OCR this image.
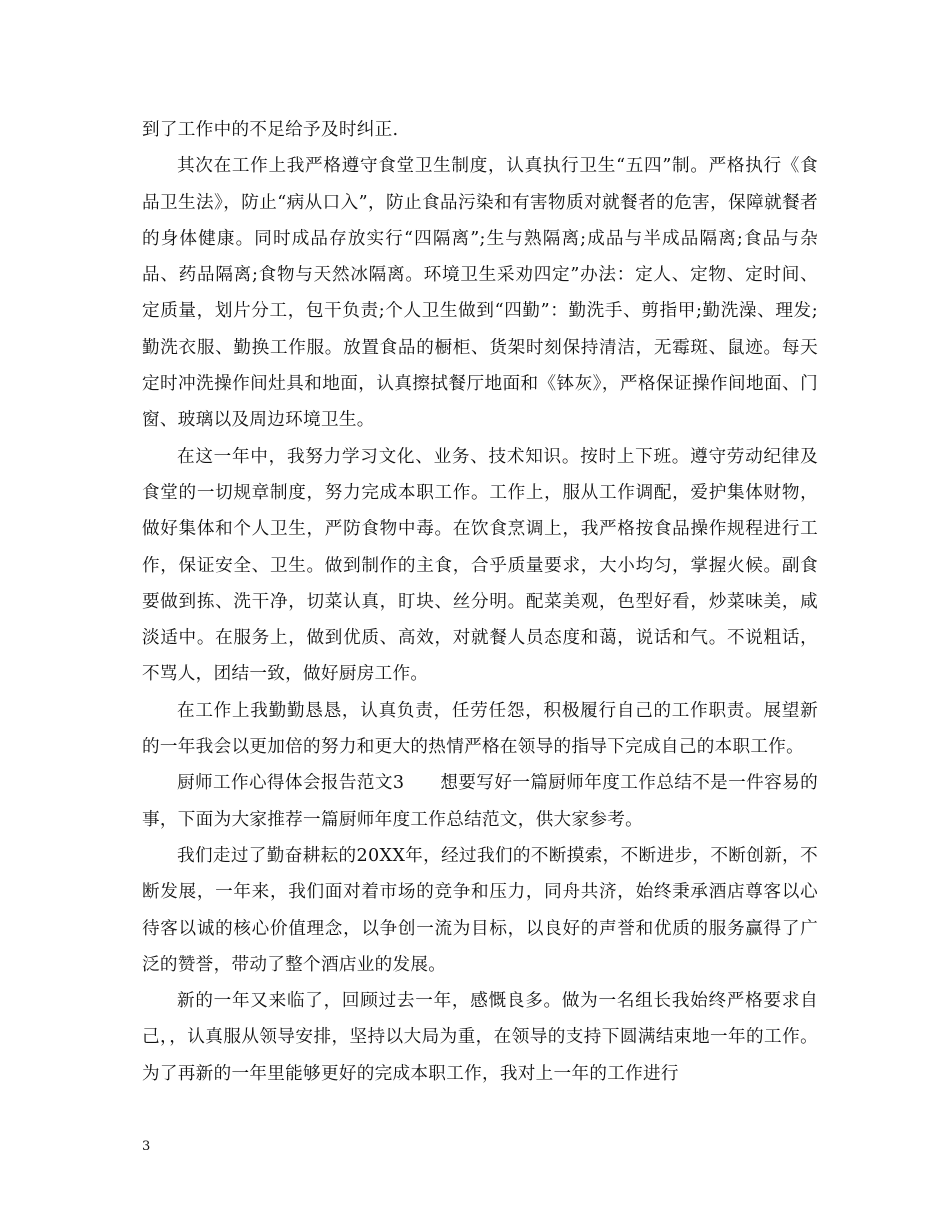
到了工作中的不足给予及时纠正.

其次在工作上我严格遵守食堂卫生制度，认真执行卫生“五四”制。严格执行《食品卫生法》，防止“病从口入”，防止食品污染和有害物质对就餐者的危害，保障就餐者的身体健康。同时成品存放实行“四隔离”;生与熟隔离;成品与半成品隔离;食品与杂品、药品隔离;食物与天然冰隔离。环境卫生采劝四定”办法：定人、定物、定时间、定质量，划片分工，包干负责;个人卫生做到“四勤”：勤洗手、剪指甲;勤洗澡、理发;勤洗衣服、勤换工作服。放置食品的橱柜、货架时刻保持清洁，无霉斑、鼠迹。每天定时冲洗操作间灶具和地面，认真擦拭餐厅地面和《钵灰》，严格保证操作间地面、门窗、玻璃以及周边环境卫生。

在这一年中，我努力学习文化、业务、技术知识。按时上下班。遵守劳动纪律及食堂的一切规章制度，努力完成本职工作。工作上，服从工作调配，爱护集体财物，做好集体和个人卫生，严防食物中毒。在饮食烹调上，我严格按食品操作规程进行工作，保证安全、卫生。做到制作的主食，合乎质量要求，大小均匀，掌握火候。副食要做到拣、洗干净，切菜认真，盯块、丝分明。配菜美观，色型好看，炒菜味美，咸淡适中。在服务上，做到优质、高效，对就餐人员态度和蔼，说话和气。不说粗话，不骂人，团结一致，做好厨房工作。

在工作上我勤勤恳恳，认真负责，任劳任怨，积极履行自己的工作职责。展望新的一年我会以更加倍的努力和更大的热情严格在领导的指导下完成自己的本职工作。

厨师工作心得体会报告范文3　　想要写好一篇厨师年度工作总结不是一件容易的事，下面为大家推荐一篇厨师年度工作总结范文，供大家参考。

我们走过了勤奋耕耘的20XX年，经过我们的不断摸索，不断进步，不断创新，不断发展，一年来，我们面对着市场的竞争和压力，同舟共济，始终秉承酒店尊客以心待客以诚的核心价值理念，以争创一流为目标，以良好的声誉和优质的服务赢得了广泛的赞誉，带动了整个酒店业的发展。

新的一年又来临了，回顾过去一年，感慨良多。做为一名组长我始终严格要求自己，，认真服从领导安排，坚持以大局为重，在领导的支持下圆满结束地一年的工作。为了再新的一年里能够更好的完成本职工作，我对上一年的工作进行

3
